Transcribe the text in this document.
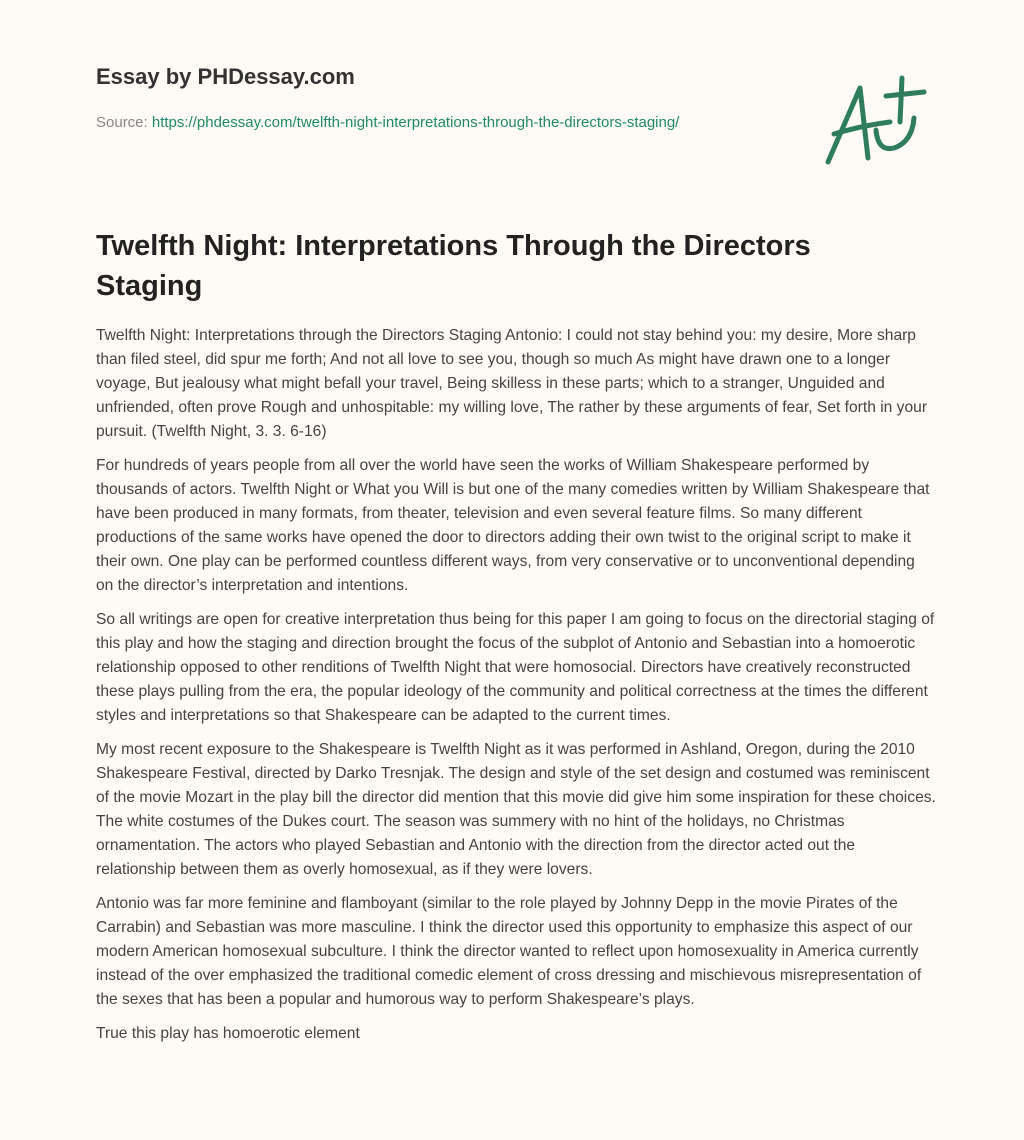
Essay by PHDessay.com
Source: https://phdessay.com/twelfth-night-interpretations-through-the-directors-staging/
Twelfth Night: Interpretations Through the Directors Staging

Twelfth Night: Interpretations through the Directors Staging Antonio: I could not stay behind you: my desire, More sharp than filed steel, did spur me forth; And not all love to see you, though so much As might have drawn one to a longer voyage, But jealousy what might befall your travel, Being skilless in these parts; which to a stranger, Unguided and unfriended, often prove Rough and unhospitable: my willing love, The rather by these arguments of fear, Set forth in your pursuit. (Twelfth Night, 3. 3. 6-16)

For hundreds of years people from all over the world have seen the works of William Shakespeare performed by thousands of actors. Twelfth Night or What you Will is but one of the many comedies written by William Shakespeare that have been produced in many formats, from theater, television and even several feature films. So many different productions of the same works have opened the door to directors adding their own twist to the original script to make it their own. One play can be performed countless different ways, from very conservative or to unconventional depending on the director’s interpretation and intentions.

So all writings are open for creative interpretation thus being for this paper I am going to focus on the directorial staging of this play and how the staging and direction brought the focus of the subplot of Antonio and Sebastian into a homoerotic relationship opposed to other renditions of Twelfth Night that were homosocial. Directors have creatively reconstructed these plays pulling from the era, the popular ideology of the community and political correctness at the times the different styles and interpretations so that Shakespeare can be adapted to the current times.

My most recent exposure to the Shakespeare is Twelfth Night as it was performed in Ashland, Oregon, during the 2010 Shakespeare Festival, directed by Darko Tresnjak. The design and style of the set design and costumed was reminiscent of the movie Mozart in the play bill the director did mention that this movie did give him some inspiration for these choices. The white costumes of the Dukes court. The season was summery with no hint of the holidays, no Christmas ornamentation. The actors who played Sebastian and Antonio with the direction from the director acted out the relationship between them as overly homosexual, as if they were lovers.

Antonio was far more feminine and flamboyant (similar to the role played by Johnny Depp in the movie Pirates of the Carrabin) and Sebastian was more masculine. I think the director used this opportunity to emphasize this aspect of our modern American homosexual subculture. I think the director wanted to reflect upon homosexuality in America currently instead of the over emphasized the traditional comedic element of cross dressing and mischievous misrepresentation of the sexes that has been a popular and humorous way to perform Shakespeare’s plays.

True this play has homoerotic element
